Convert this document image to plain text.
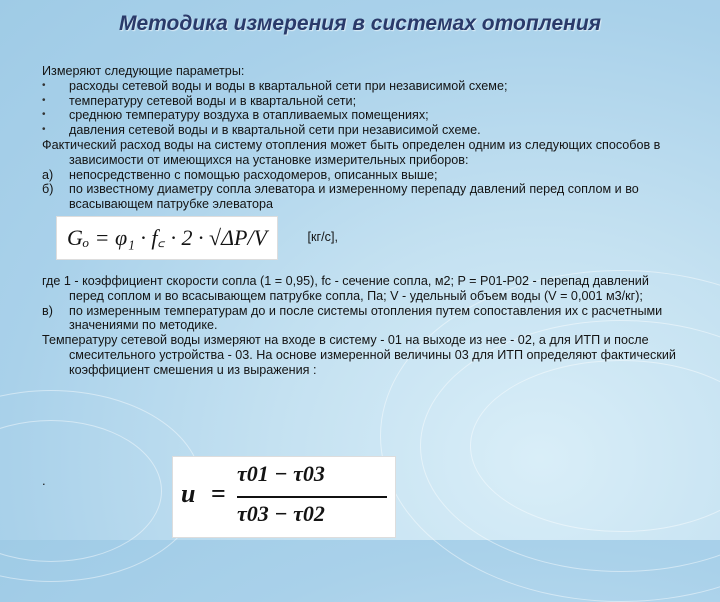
Методика измерения в системах отопления

Измеряют следующие параметры:

• расходы сетевой воды и воды в квартальной сети при независимой схеме;
• температуру сетевой воды и в квартальной сети;
• среднюю температуру воздуха в отапливаемых помещениях;
• давления сетевой воды и в квартальной сети при независимой схеме.

Фактический расход воды на систему отопления может быть определен одним из следующих способов в зависимости от имеющихся на установке измерительных приборов:

а) непосредственно с помощью расходомеров, описанных выше;
б) по известному диаметру сопла элеватора и измеренному перепаду давлений перед соплом и во всасывающем патрубке элеватора
Gₒ = φ₁ · f꜀ · 2 · √ΔP/V	[кг/с],

где 1 - коэффициент скорости сопла (1 = 0,95), fc - сечение сопла, м2; P = P01-P02 - перепад давлений перед соплом и во всасывающем патрубке сопла, Па; V - удельный объем воды (V = 0,001 м3/кг);

в) по измеренным температурам до и после системы отопления путем сопоставления их с расчетными значениями по методике.

Температуру сетевой воды измеряют на входе в систему - 01 на выходе из нее - 02, а для ИТП и после смесительного устройства - 03. На основе измеренной величины 03 для ИТП определяют фактический коэффициент смешения u из выражения :

.	u =
τ01 − τ03
τ03 − τ02
